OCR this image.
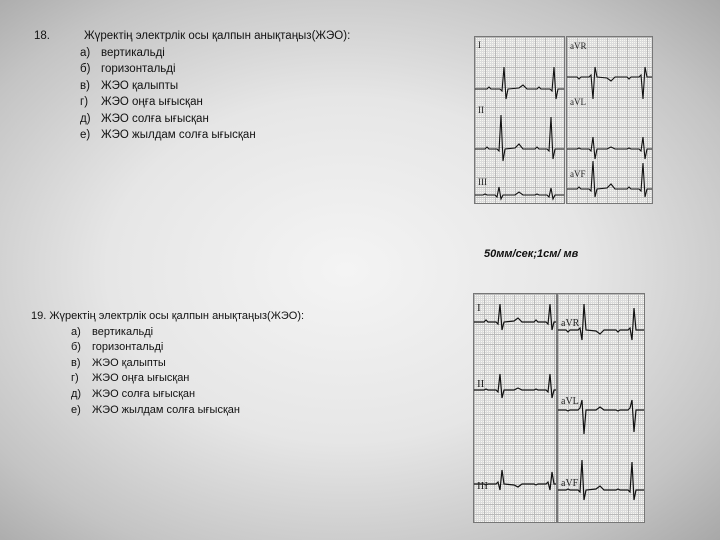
18.	Жүректің электрлік осы қалпын анықтаңыз(ЖЭО):
а) вертикальді
б) горизонтальді
в) ЖЭО қалыпты
г) ЖЭО оңға ығысқан
д) ЖЭО солға ығысқан
е) ЖЭО жылдам солға ығысқан
I
II
III
aVR
aVL
aVF
50мм/сек;1см/ мв
19. Жүректің электрлік осы қалпын анықтаңыз(ЖЭО):
а) вертикальді
б) горизонтальді
в) ЖЭО қалыпты
г) ЖЭО оңға ығысқан
д) ЖЭО солға ығысқан
е) ЖЭО жылдам солға ығысқан
I
II
III
aVR
aVL
aVF
